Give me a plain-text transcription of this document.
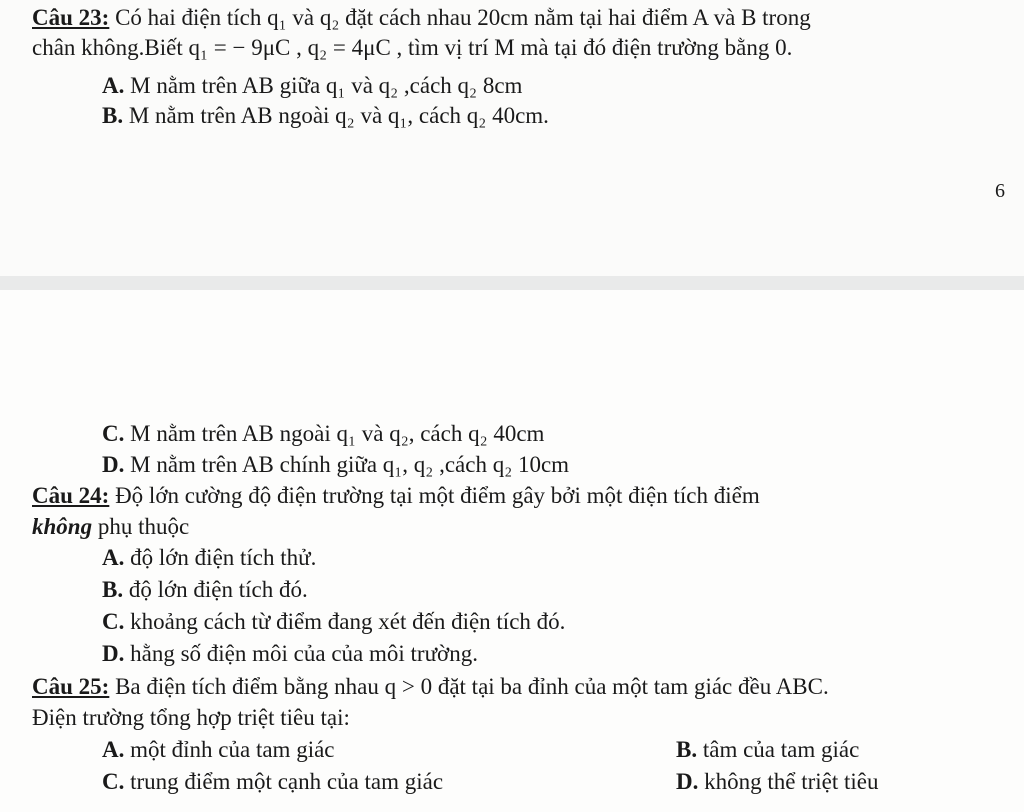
Câu 23: Có hai điện tích q₁ và q₂ đặt cách nhau 20cm nằm tại hai điểm A và B trong
chân không.Biết q₁ = − 9μC , q₂ = 4μC , tìm vị trí M mà tại đó điện trường bằng 0.
A. M nằm trên AB giữa q₁ và q₂ ,cách q₂ 8cm
B. M nằm trên AB ngoài q₂ và q₁, cách q₂ 40cm.
6
C. M nằm trên AB ngoài q₁ và q₂, cách q₂ 40cm
D. M nằm trên AB chính giữa q₁, q₂ ,cách q₂ 10cm
Câu 24: Độ lớn cường độ điện trường tại một điểm gây bởi một điện tích điểm
không phụ thuộc
A. độ lớn điện tích thử.
B. độ lớn điện tích đó.
C. khoảng cách từ điểm đang xét đến điện tích đó.
D. hằng số điện môi của của môi trường.
Câu 25: Ba điện tích điểm bằng nhau q > 0 đặt tại ba đỉnh của một tam giác đều ABC.
Điện trường tổng hợp triệt tiêu tại:
A. một đỉnh của tam giác	B. tâm của tam giác
C. trung điểm một cạnh của tam giác	D. không thể triệt tiêu
